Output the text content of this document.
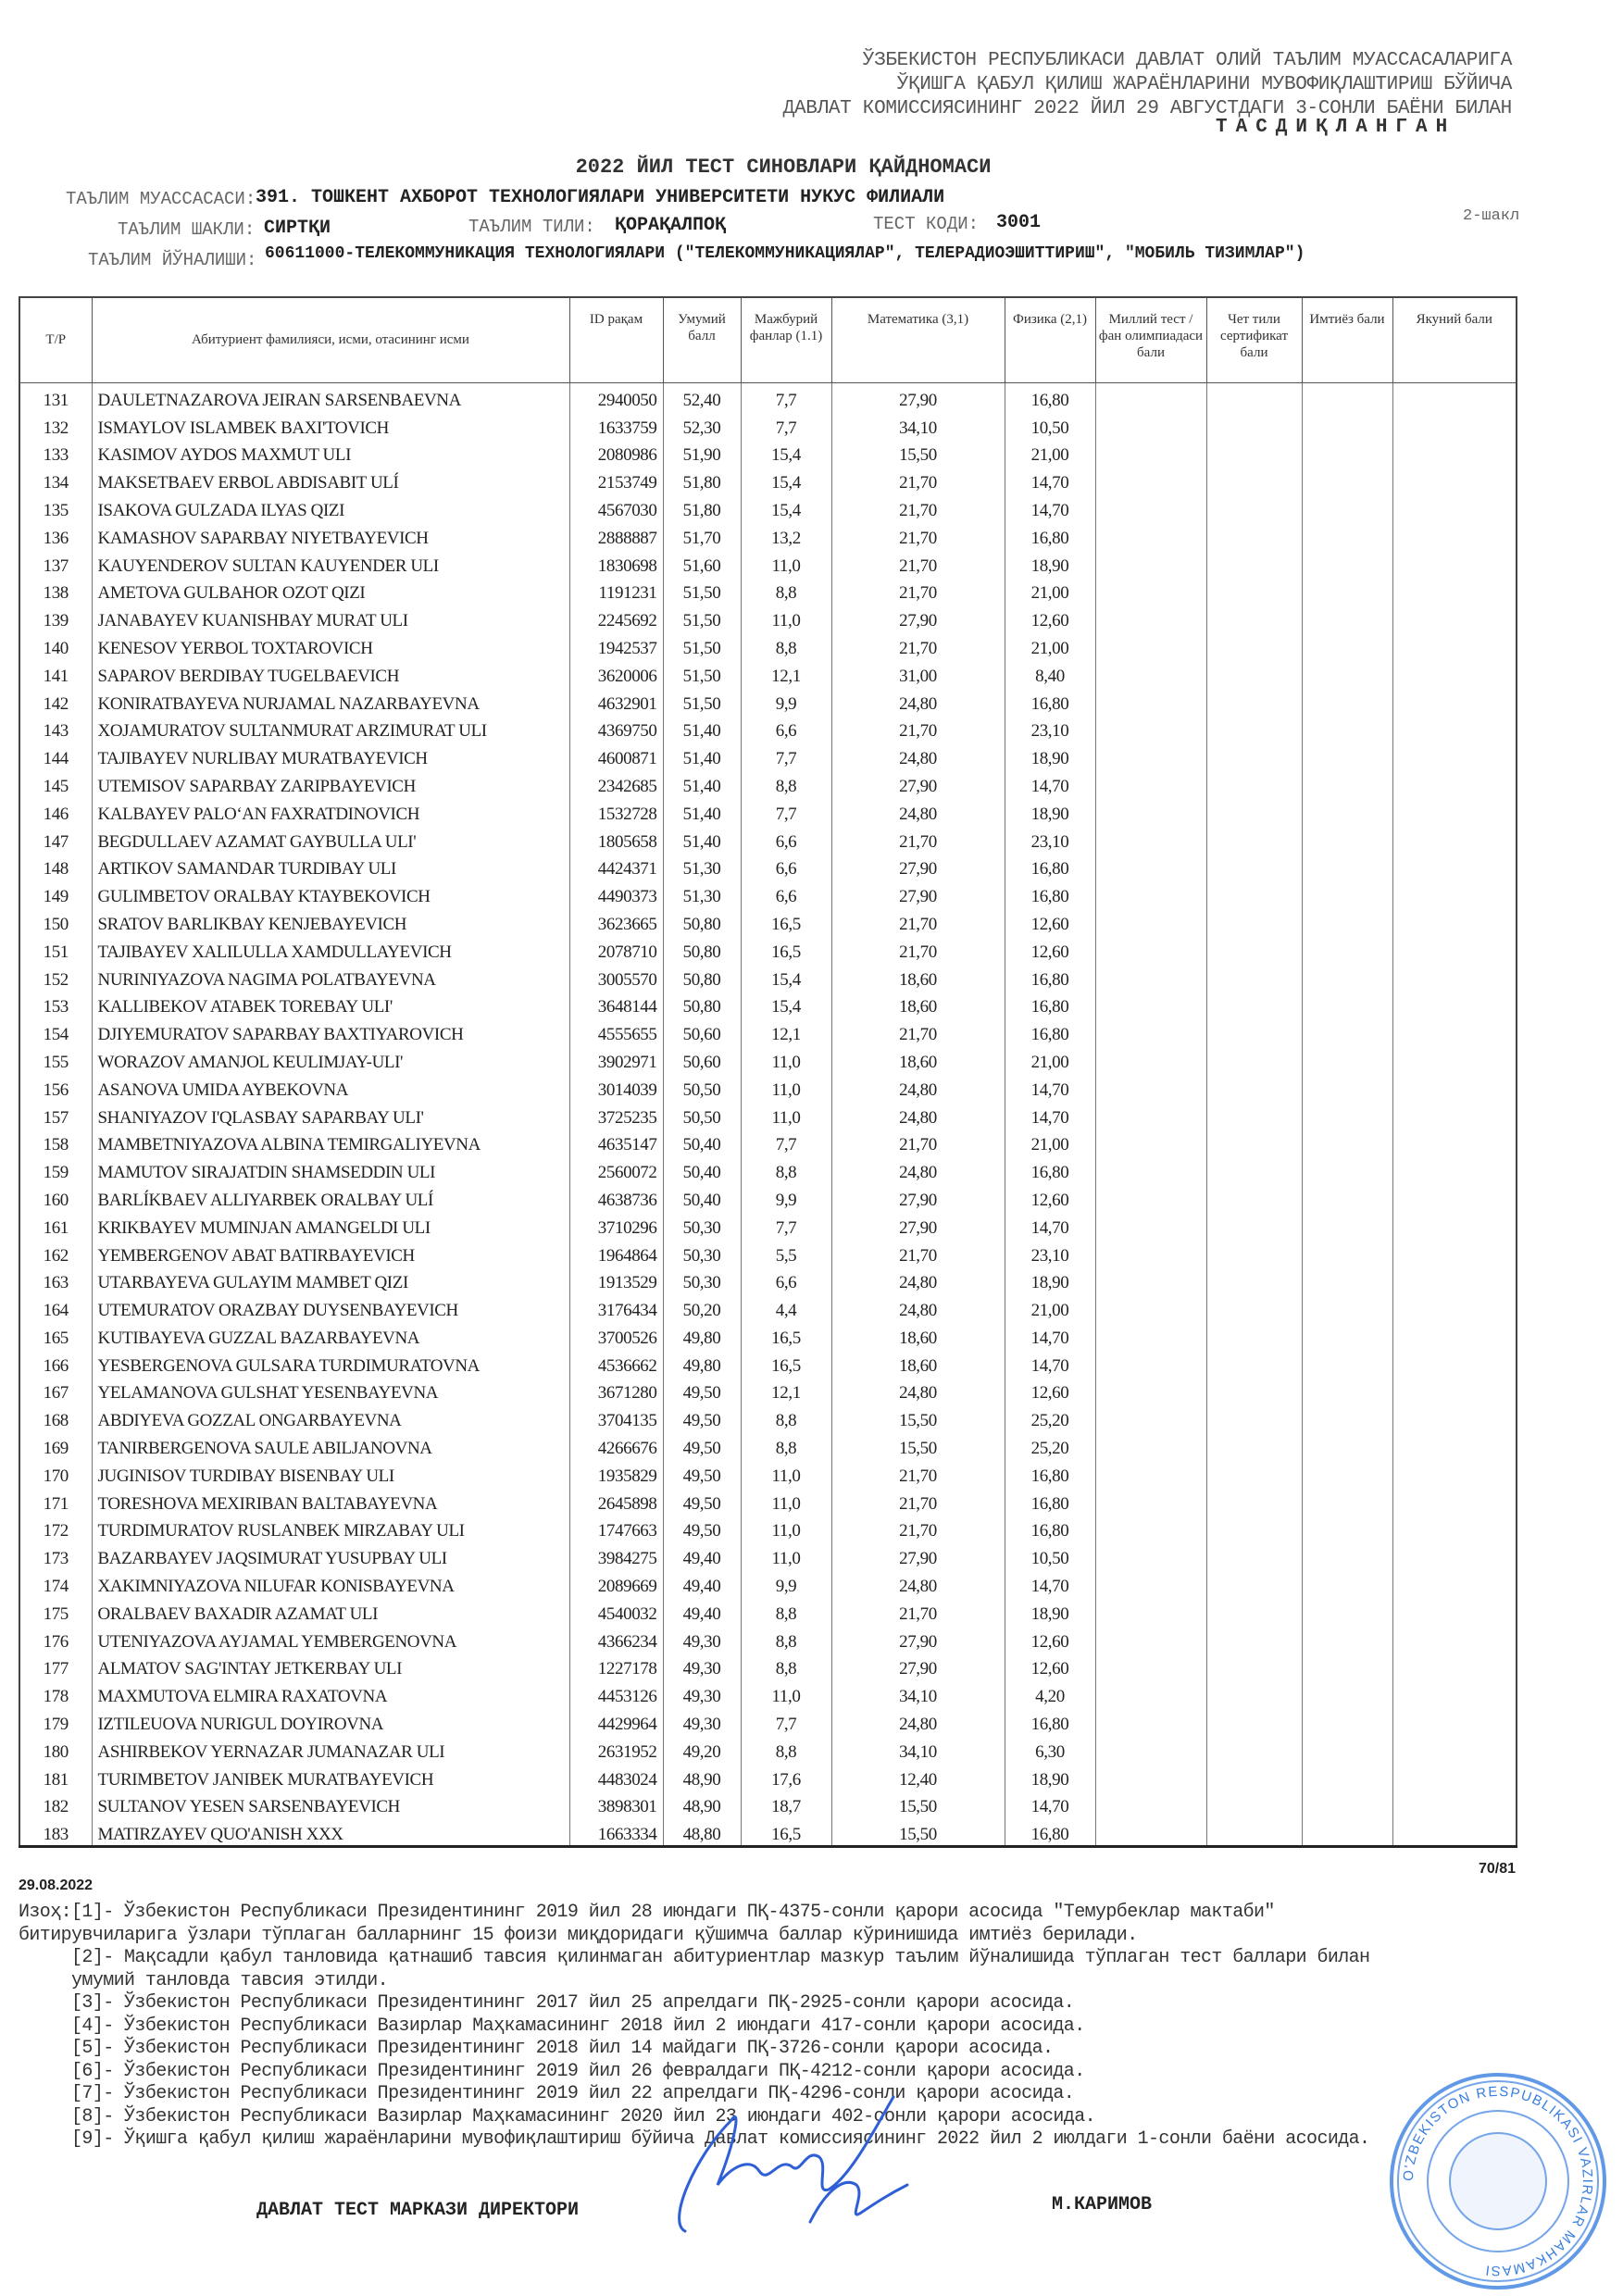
ЎЗБЕКИСТОН РЕСПУБЛИКАСИ ДАВЛАТ ОЛИЙ ТАЪЛИМ МУАССАСАЛАРИГА
ЎҚИШГА ҚАБУЛ ҚИЛИШ ЖАРАЁНЛАРИНИ МУВОФИҚЛАШТИРИШ БЎЙИЧА
ДАВЛАТ КОМИССИЯСИНИНГ 2022 ЙИЛ 29 АВГУСТДАГИ 3-СОНЛИ БАЁНИ БИЛАН
ТАСДИҚЛАНГАН
2022 ЙИЛ ТЕСТ СИНОВЛАРИ ҚАЙДНОМАСИ
ТАЪЛИМ МУАССАСАСИ: 391. ТОШКЕНТ АХБОРОТ ТЕХНОЛОГИЯЛАРИ УНИВЕРСИТЕТИ НУКУС ФИЛИАЛИ
2-шакл
ТАЪЛИМ ШАКЛИ: СИРТҚИ	ТАЪЛИМ ТИЛИ: ҚОРАҚАЛПОҚ	ТЕСТ КОДИ: 3001
ТАЪЛИМ ЙЎНАЛИШИ: 60611000-ТЕЛЕКОММУНИКАЦИЯ ТЕХНОЛОГИЯЛАРИ ("ТЕЛЕКОММУНИКАЦИЯЛАР", ТЕЛЕРАДИОЭШИТТИРИШ", "МОБИЛЬ ТИЗИМЛАР")
Т/Р	Абитуриент фамилияси, исми, отасининг исми	ID рақам	Умумий балл	Мажбурий фанлар (1.1)	Математика (3,1)	Физика (2,1)	Миллий тест / фан олимпиадаси бали	Чет тили сертификат бали	Имтиёз бали	Якуний бали
131	DAULETNAZAROVA JEIRAN SARSENBAEVNA	2940050	52,40	7,7	27,90	16,80				
132	ISMAYLOV ISLAMBEK BAXI'TOVICH	1633759	52,30	7,7	34,10	10,50				
133	KASIMOV AYDOS MAXMUT ULI	2080986	51,90	15,4	15,50	21,00				
134	MAKSETBAEV ERBOL ABDISABIT ULÍ	2153749	51,80	15,4	21,70	14,70				
135	ISAKOVA GULZADA ILYAS QIZI	4567030	51,80	15,4	21,70	14,70				
136	KAMASHOV SAPARBAY NIYETBAYEVICH	2888887	51,70	13,2	21,70	16,80				
137	KAUYENDEROV SULTAN KAUYENDER ULI	1830698	51,60	11,0	21,70	18,90				
138	AMETOVA GULBAHOR OZOT QIZI	1191231	51,50	8,8	21,70	21,00				
139	JANABAYEV KUANISHBAY MURAT ULI	2245692	51,50	11,0	27,90	12,60				
140	KENESOV YERBOL TOXTAROVICH	1942537	51,50	8,8	21,70	21,00				
141	SAPAROV BERDIBAY TUGELBAEVICH	3620006	51,50	12,1	31,00	8,40				
142	KONIRATBAYEVA NURJAMAL NAZARBAYEVNA	4632901	51,50	9,9	24,80	16,80				
143	XOJAMURATOV SULTANMURAT ARZIMURAT ULI	4369750	51,40	6,6	21,70	23,10				
144	TAJIBAYEV NURLIBAY MURATBAYEVICH	4600871	51,40	7,7	24,80	18,90				
145	UTEMISOV SAPARBAY ZARIPBAYEVICH	2342685	51,40	8,8	27,90	14,70				
146	KALBAYEV PALO‘AN FAXRATDINOVICH	1532728	51,40	7,7	24,80	18,90				
147	BEGDULLAEV AZAMAT GAYBULLA ULI'	1805658	51,40	6,6	21,70	23,10				
148	ARTIKOV SAMANDAR TURDIBAY ULI	4424371	51,30	6,6	27,90	16,80				
149	GULIMBETOV ORALBAY KTAYBEKOVICH	4490373	51,30	6,6	27,90	16,80				
150	SRATOV BARLIKBAY KENJEBAYEVICH	3623665	50,80	16,5	21,70	12,60				
151	TAJIBAYEV XALILULLA XAMDULLAYEVICH	2078710	50,80	16,5	21,70	12,60				
152	NURINIYAZOVA NAGIMA POLATBAYEVNA	3005570	50,80	15,4	18,60	16,80				
153	KALLIBEKOV ATABEK TOREBAY ULI'	3648144	50,80	15,4	18,60	16,80				
154	DJIYEMURATOV SAPARBAY BAXTIYAROVICH	4555655	50,60	12,1	21,70	16,80				
155	WORAZOV AMANJOL KEULIMJAY-ULI'	3902971	50,60	11,0	18,60	21,00				
156	ASANOVA UMIDA AYBEKOVNA	3014039	50,50	11,0	24,80	14,70				
157	SHANIYAZOV I'QLASBAY SAPARBAY ULI'	3725235	50,50	11,0	24,80	14,70				
158	MAMBETNIYAZOVA ALBINA TEMIRGALIYEVNA	4635147	50,40	7,7	21,70	21,00				
159	MAMUTOV SIRAJATDIN SHAMSEDDIN ULI	2560072	50,40	8,8	24,80	16,80				
160	BARLÍKBAEV ALLIYARBEK ORALBAY ULÍ	4638736	50,40	9,9	27,90	12,60				
161	KRIKBAYEV MUMINJAN AMANGELDI ULI	3710296	50,30	7,7	27,90	14,70				
162	YEMBERGENOV ABAT BATIRBAYEVICH	1964864	50,30	5,5	21,70	23,10				
163	UTARBAYEVA GULAYIM MAMBET QIZI	1913529	50,30	6,6	24,80	18,90				
164	UTEMURATOV ORAZBAY DUYSENBAYEVICH	3176434	50,20	4,4	24,80	21,00				
165	KUTIBAYEVA GUZZAL BAZARBAYEVNA	3700526	49,80	16,5	18,60	14,70				
166	YESBERGENOVA GULSARA TURDIMURATOVNA	4536662	49,80	16,5	18,60	14,70				
167	YELAMANOVA GULSHAT YESENBAYEVNA	3671280	49,50	12,1	24,80	12,60				
168	ABDIYEVA GOZZAL ONGARBAYEVNA	3704135	49,50	8,8	15,50	25,20				
169	TANIRBERGENOVA SAULE ABILJANOVNA	4266676	49,50	8,8	15,50	25,20				
170	JUGINISOV TURDIBAY BISENBAY ULI	1935829	49,50	11,0	21,70	16,80				
171	TORESHOVA MEXIRIBAN BALTABAYEVNA	2645898	49,50	11,0	21,70	16,80				
172	TURDIMURATOV RUSLANBEK MIRZABAY ULI	1747663	49,50	11,0	21,70	16,80				
173	BAZARBAYEV JAQSIMURAT YUSUPBAY ULI	3984275	49,40	11,0	27,90	10,50				
174	XAKIMNIYAZOVA NILUFAR KONISBAYEVNA	2089669	49,40	9,9	24,80	14,70				
175	ORALBAEV BAXADIR AZAMAT ULI	4540032	49,40	8,8	21,70	18,90				
176	UTENIYAZOVA AYJAMAL YEMBERGENOVNA	4366234	49,30	8,8	27,90	12,60				
177	ALMATOV SAG'INTAY JETKERBAY ULI	1227178	49,30	8,8	27,90	12,60				
178	MAXMUTOVA ELMIRA RAXATOVNA	4453126	49,30	11,0	34,10	4,20				
179	IZTILEUOVA NURIGUL DOYIROVNA	4429964	49,30	7,7	24,80	16,80				
180	ASHIRBEKOV YERNAZAR JUMANAZAR ULI	2631952	49,20	8,8	34,10	6,30				
181	TURIMBETOV JANIBEK MURATBAYEVICH	4483024	48,90	17,6	12,40	18,90				
182	SULTANOV YESEN SARSENBAYEVICH	3898301	48,90	18,7	15,50	14,70				
183	MATIRZAYEV QUO'ANISH XXX	1663334	48,80	16,5	15,50	16,80				
70/81
29.08.2022
Изоҳ:[1]- Ўзбекистон Республикаси Президентининг 2019 йил 28 июндаги ПҚ-4375-сонли қарори асосида "Темурбеклар мактаби"
битирувчиларига ўзлари тўплаган балларнинг 15 фоизи миқдоридаги қўшимча баллар кўринишида имтиёз берилади.
[2]- Мақсадли қабул танловида қатнашиб тавсия қилинмаган абитуриентлар мазкур таълим йўналишида тўплаган тест баллари билан
умумий танловда тавсия этилди.
[3]- Ўзбекистон Республикаси Президентининг 2017 йил 25 апрелдаги ПҚ-2925-сонли қарори асосида.
[4]- Ўзбекистон Республикаси Вазирлар Маҳкамасининг 2018 йил 2 июндаги 417-сонли қарори асосида.
[5]- Ўзбекистон Республикаси Президентининг 2018 йил 14 майдаги ПҚ-3726-сонли қарори асосида.
[6]- Ўзбекистон Республикаси Президентининг 2019 йил 26 февралдаги ПҚ-4212-сонли қарори асосида.
[7]- Ўзбекистон Республикаси Президентининг 2019 йил 22 апрелдаги ПҚ-4296-сонли қарори асосида.
[8]- Ўзбекистон Республикаси Вазирлар Маҳкамасининг 2020 йил 23 июндаги 402-сонли қарори асосида.
[9]- Ўқишга қабул қилиш жараёнларини мувофиқлаштириш бўйича Давлат комиссиясининг 2022 йил 2 июлдаги 1-сонли баёни асосида.
O'ZBEKISTON RESPUBLIKASI VAZIRLAR MAHKAMASI
ДАВЛАТ ТЕСТ МАРКАЗИ ДИРЕКТОРИ	М.КАРИМОВ
